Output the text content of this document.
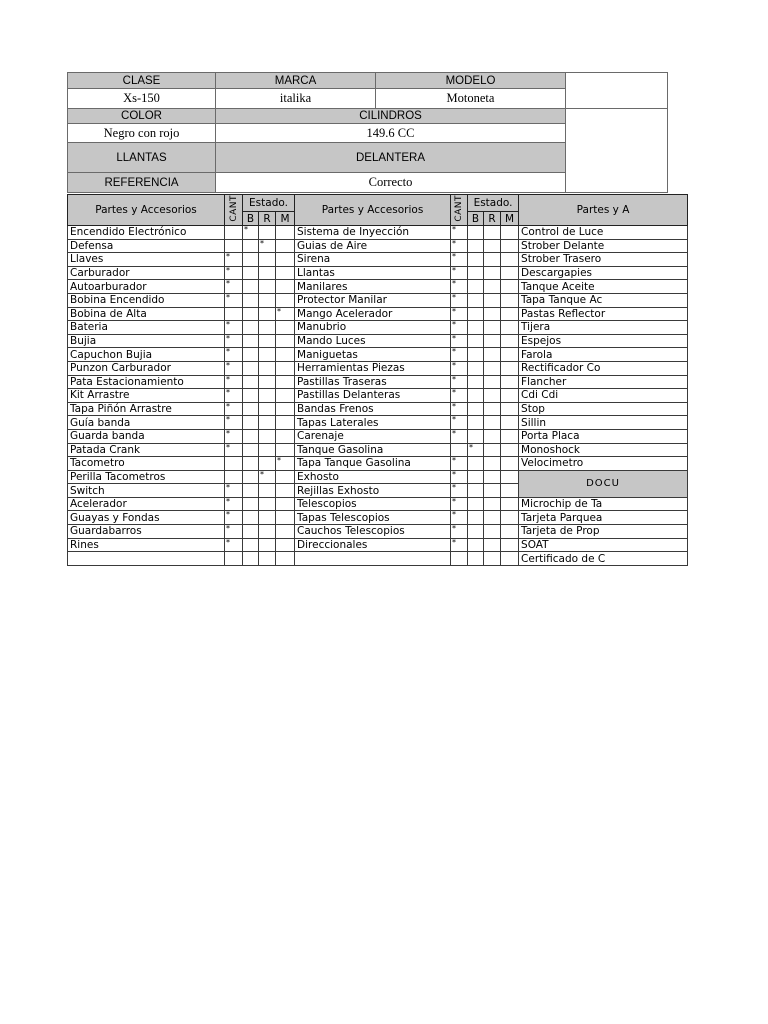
CLASE	MARCA	MODELO	
Xs-150	italika	Motoneta	
COLOR	CILINDROS		
Negro con rojo	149.6 CC		
LLANTAS	DELANTERA		
REFERENCIA	Correcto		
Partes y Accesorios	CANT	Estado.			Partes y Accesorios	CANT	Estado.			Partes y A
		B	R	M			B	R	M	
Encendido Electrónico		*			Sistema de Inyección	*				Control de Luce
Defensa			*		Guias de Aire	*				Strober Delante
Llaves	*				Sirena	*				Strober Trasero
Carburador	*				Llantas	*				Descargapies
Autoarburador	*				Manilares	*				Tanque Aceite
Bobina Encendido	*				Protector Manilar	*				Tapa Tanque Ac
Bobina de Alta				*	Mango Acelerador	*				Pastas Reflector
Bateria	*				Manubrio	*				Tijera
Bujia	*				Mando Luces	*				Espejos
Capuchon Bujia	*				Maniguetas	*				Farola
Punzon Carburador	*				Herramientas Piezas	*				Rectificador Co
Pata Estacionamiento	*				Pastillas Traseras	*				Flancher
Kit Arrastre	*				Pastillas Delanteras	*				Cdi Cdi
Tapa Piñón Arrastre	*				Bandas Frenos	*				Stop
Guía banda	*				Tapas Laterales	*				Sillin
Guarda banda	*				Carenaje	*				Porta Placa
Patada Crank	*				Tanque Gasolina		*			Monoshock
Tacometro				*	Tapa Tanque Gasolina	*				Velocimetro
Perilla Tacometros			*		Exhosto	*				DOCU
Switch	*				Rejillas Exhosto	*				
Acelerador	*				Telescopios	*				Microchip de Ta
Guayas y Fondas	*				Tapas Telescopios	*				Tarjeta Parquea
Guardabarros	*				Cauchos Telescopios	*				Tarjeta de Prop
Rines	*				Direccionales	*				SOAT
										Certificado de C
